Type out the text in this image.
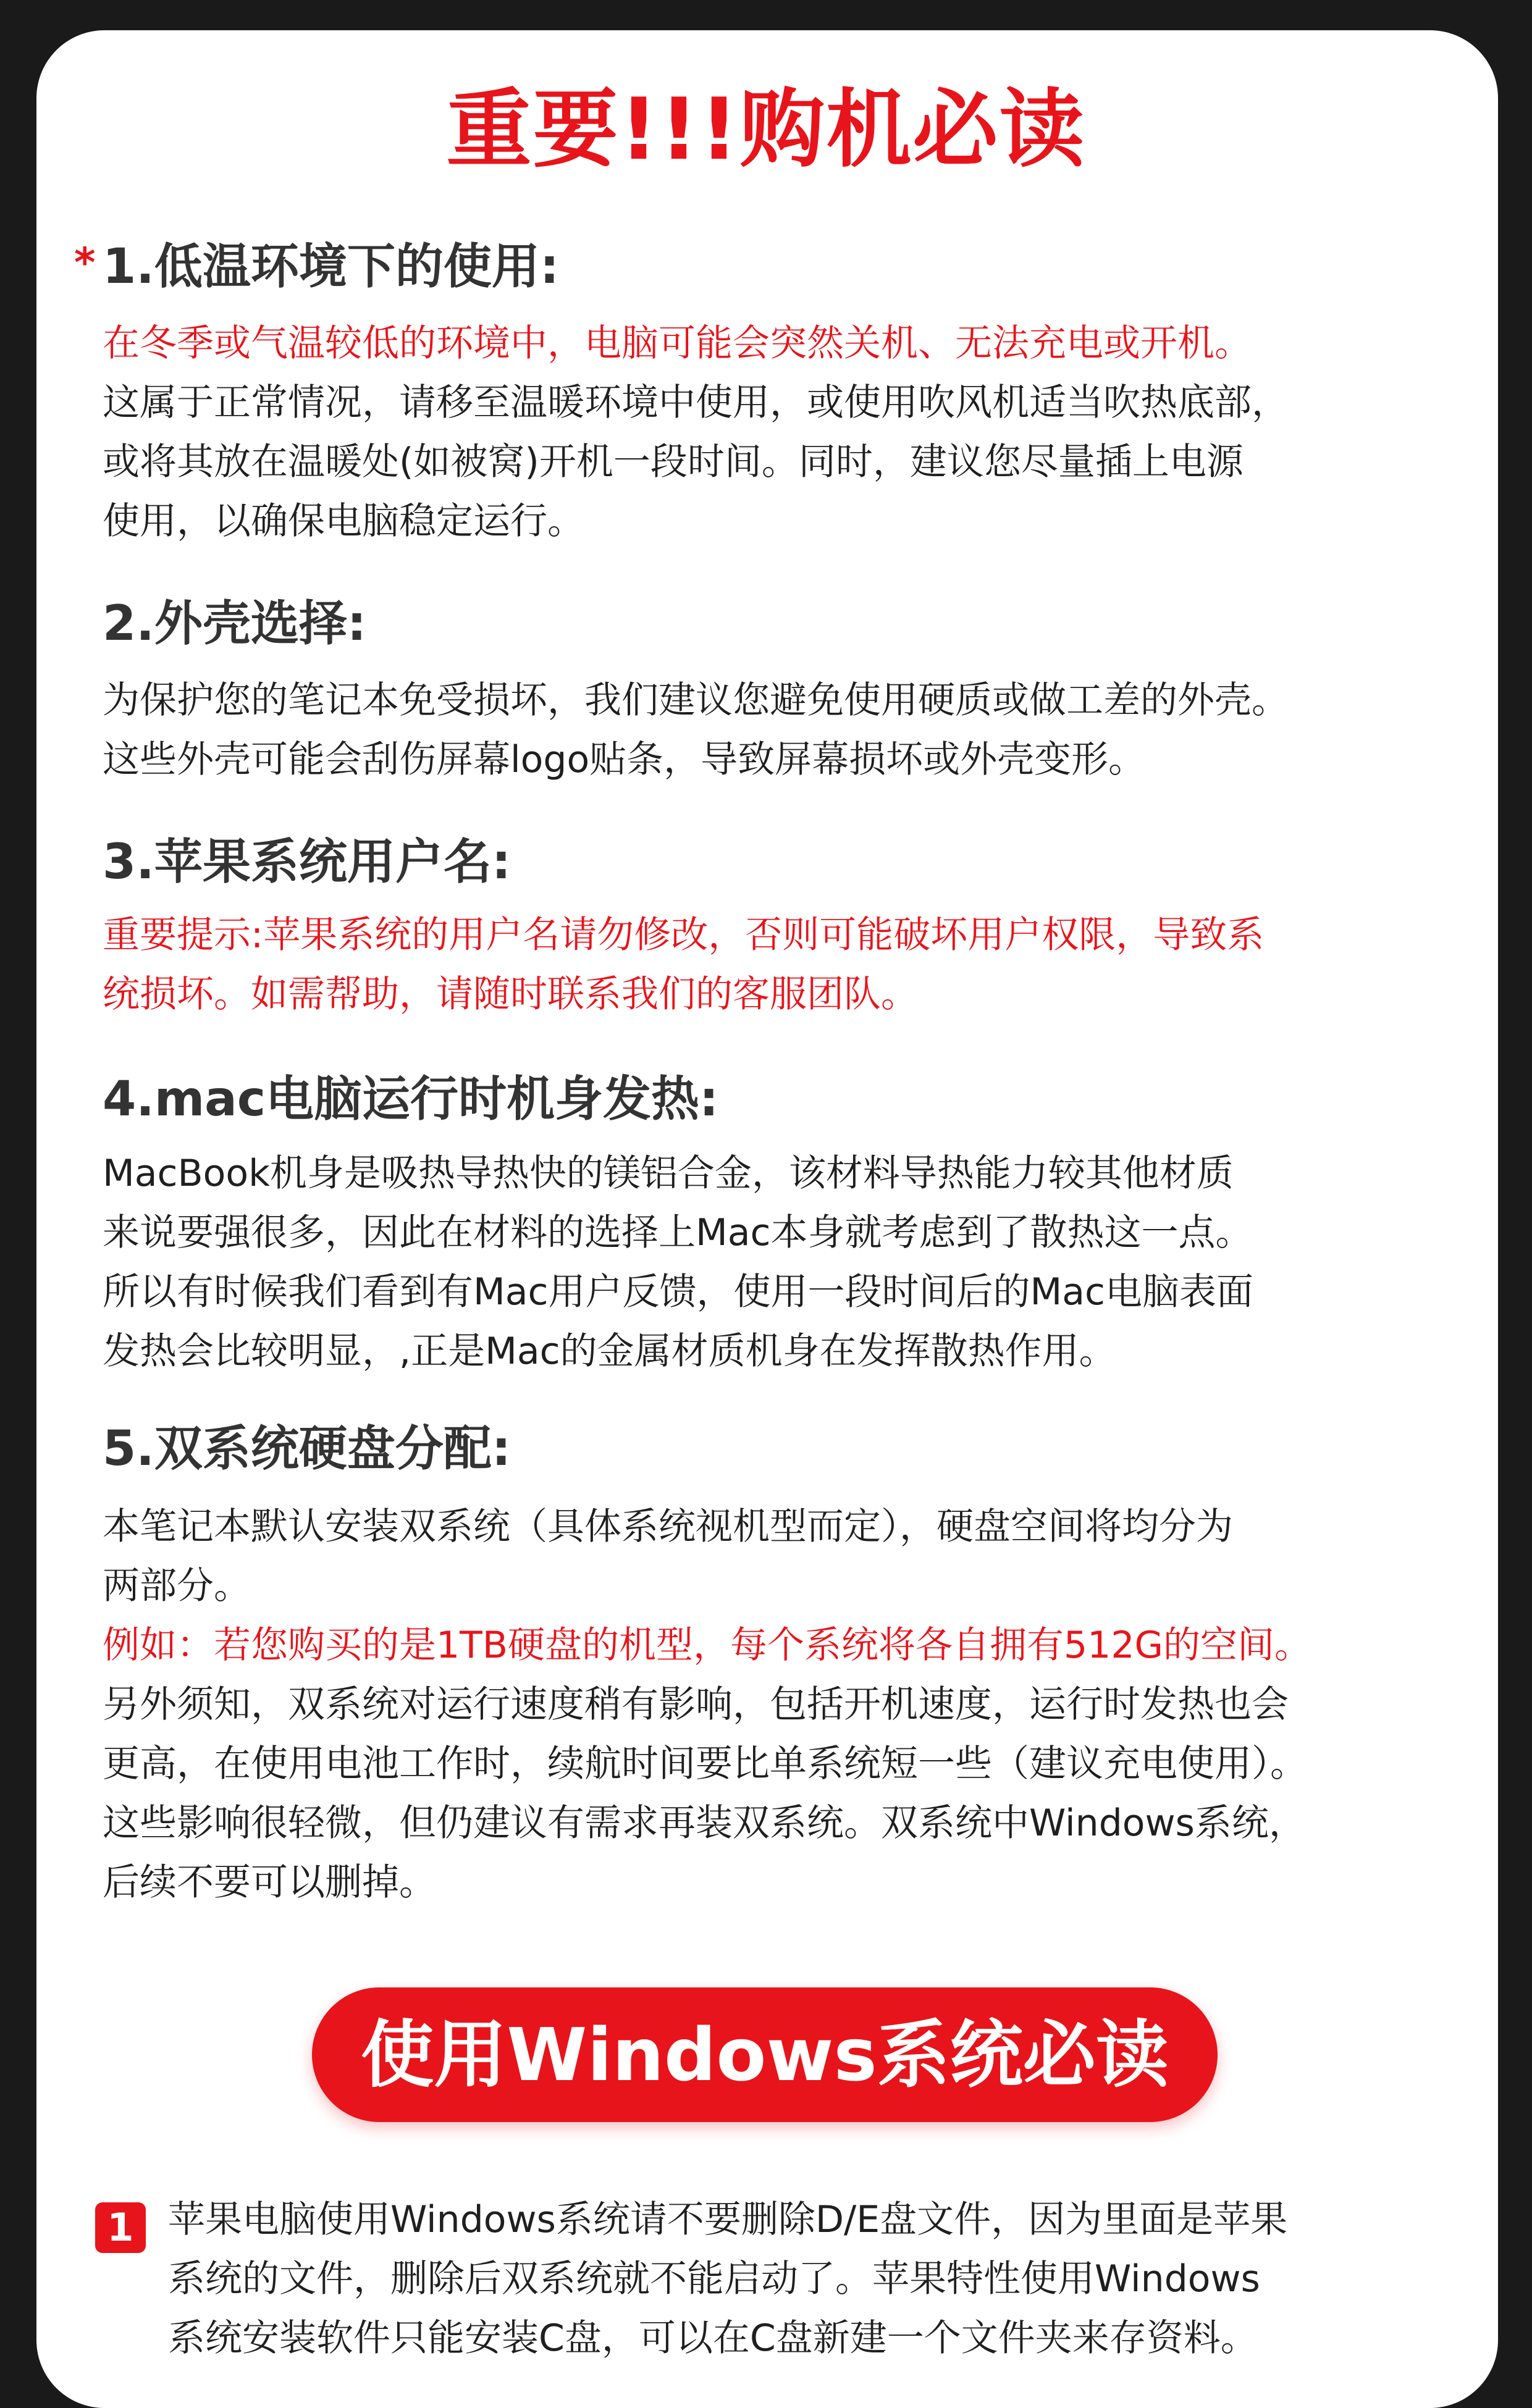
重要!!!购机必读
* 1.低温环境下的使用:
在冬季或气温较低的环境中，电脑可能会突然关机、无法充电或开机。
这属于正常情况，请移至温暖环境中使用，或使用吹风机适当吹热底部，
或将其放在温暖处(如被窝)开机一段时间。同时，建议您尽量插上电源
使用，以确保电脑稳定运行。
2.外壳选择:
为保护您的笔记本免受损坏，我们建议您避免使用硬质或做工差的外壳。
这些外壳可能会刮伤屏幕logo贴条，导致屏幕损坏或外壳变形。
3.苹果系统用户名:
重要提示:苹果系统的用户名请勿修改，否则可能破坏用户权限，导致系
统损坏。如需帮助，请随时联系我们的客服团队。
4.mac电脑运行时机身发热:
MacBook机身是吸热导热快的镁铝合金，该材料导热能力较其他材质
来说要强很多，因此在材料的选择上Mac本身就考虑到了散热这一点。
所以有时候我们看到有Mac用户反馈，使用一段时间后的Mac电脑表面
发热会比较明显，,正是Mac的金属材质机身在发挥散热作用。
5.双系统硬盘分配:
本笔记本默认安装双系统（具体系统视机型而定），硬盘空间将均分为
两部分。
例如：若您购买的是1TB硬盘的机型，每个系统将各自拥有512G的空间。
另外须知，双系统对运行速度稍有影响，包括开机速度，运行时发热也会
更高，在使用电池工作时，续航时间要比单系统短一些（建议充电使用）。
这些影响很轻微，但仍建议有需求再装双系统。双系统中Windows系统，
后续不要可以删掉。
使用Windows系统必读
1 苹果电脑使用Windows系统请不要删除D/E盘文件，因为里面是苹果
系统的文件，删除后双系统就不能启动了。苹果特性使用Windows
系统安装软件只能安装C盘，可以在C盘新建一个文件夹来存资料。
